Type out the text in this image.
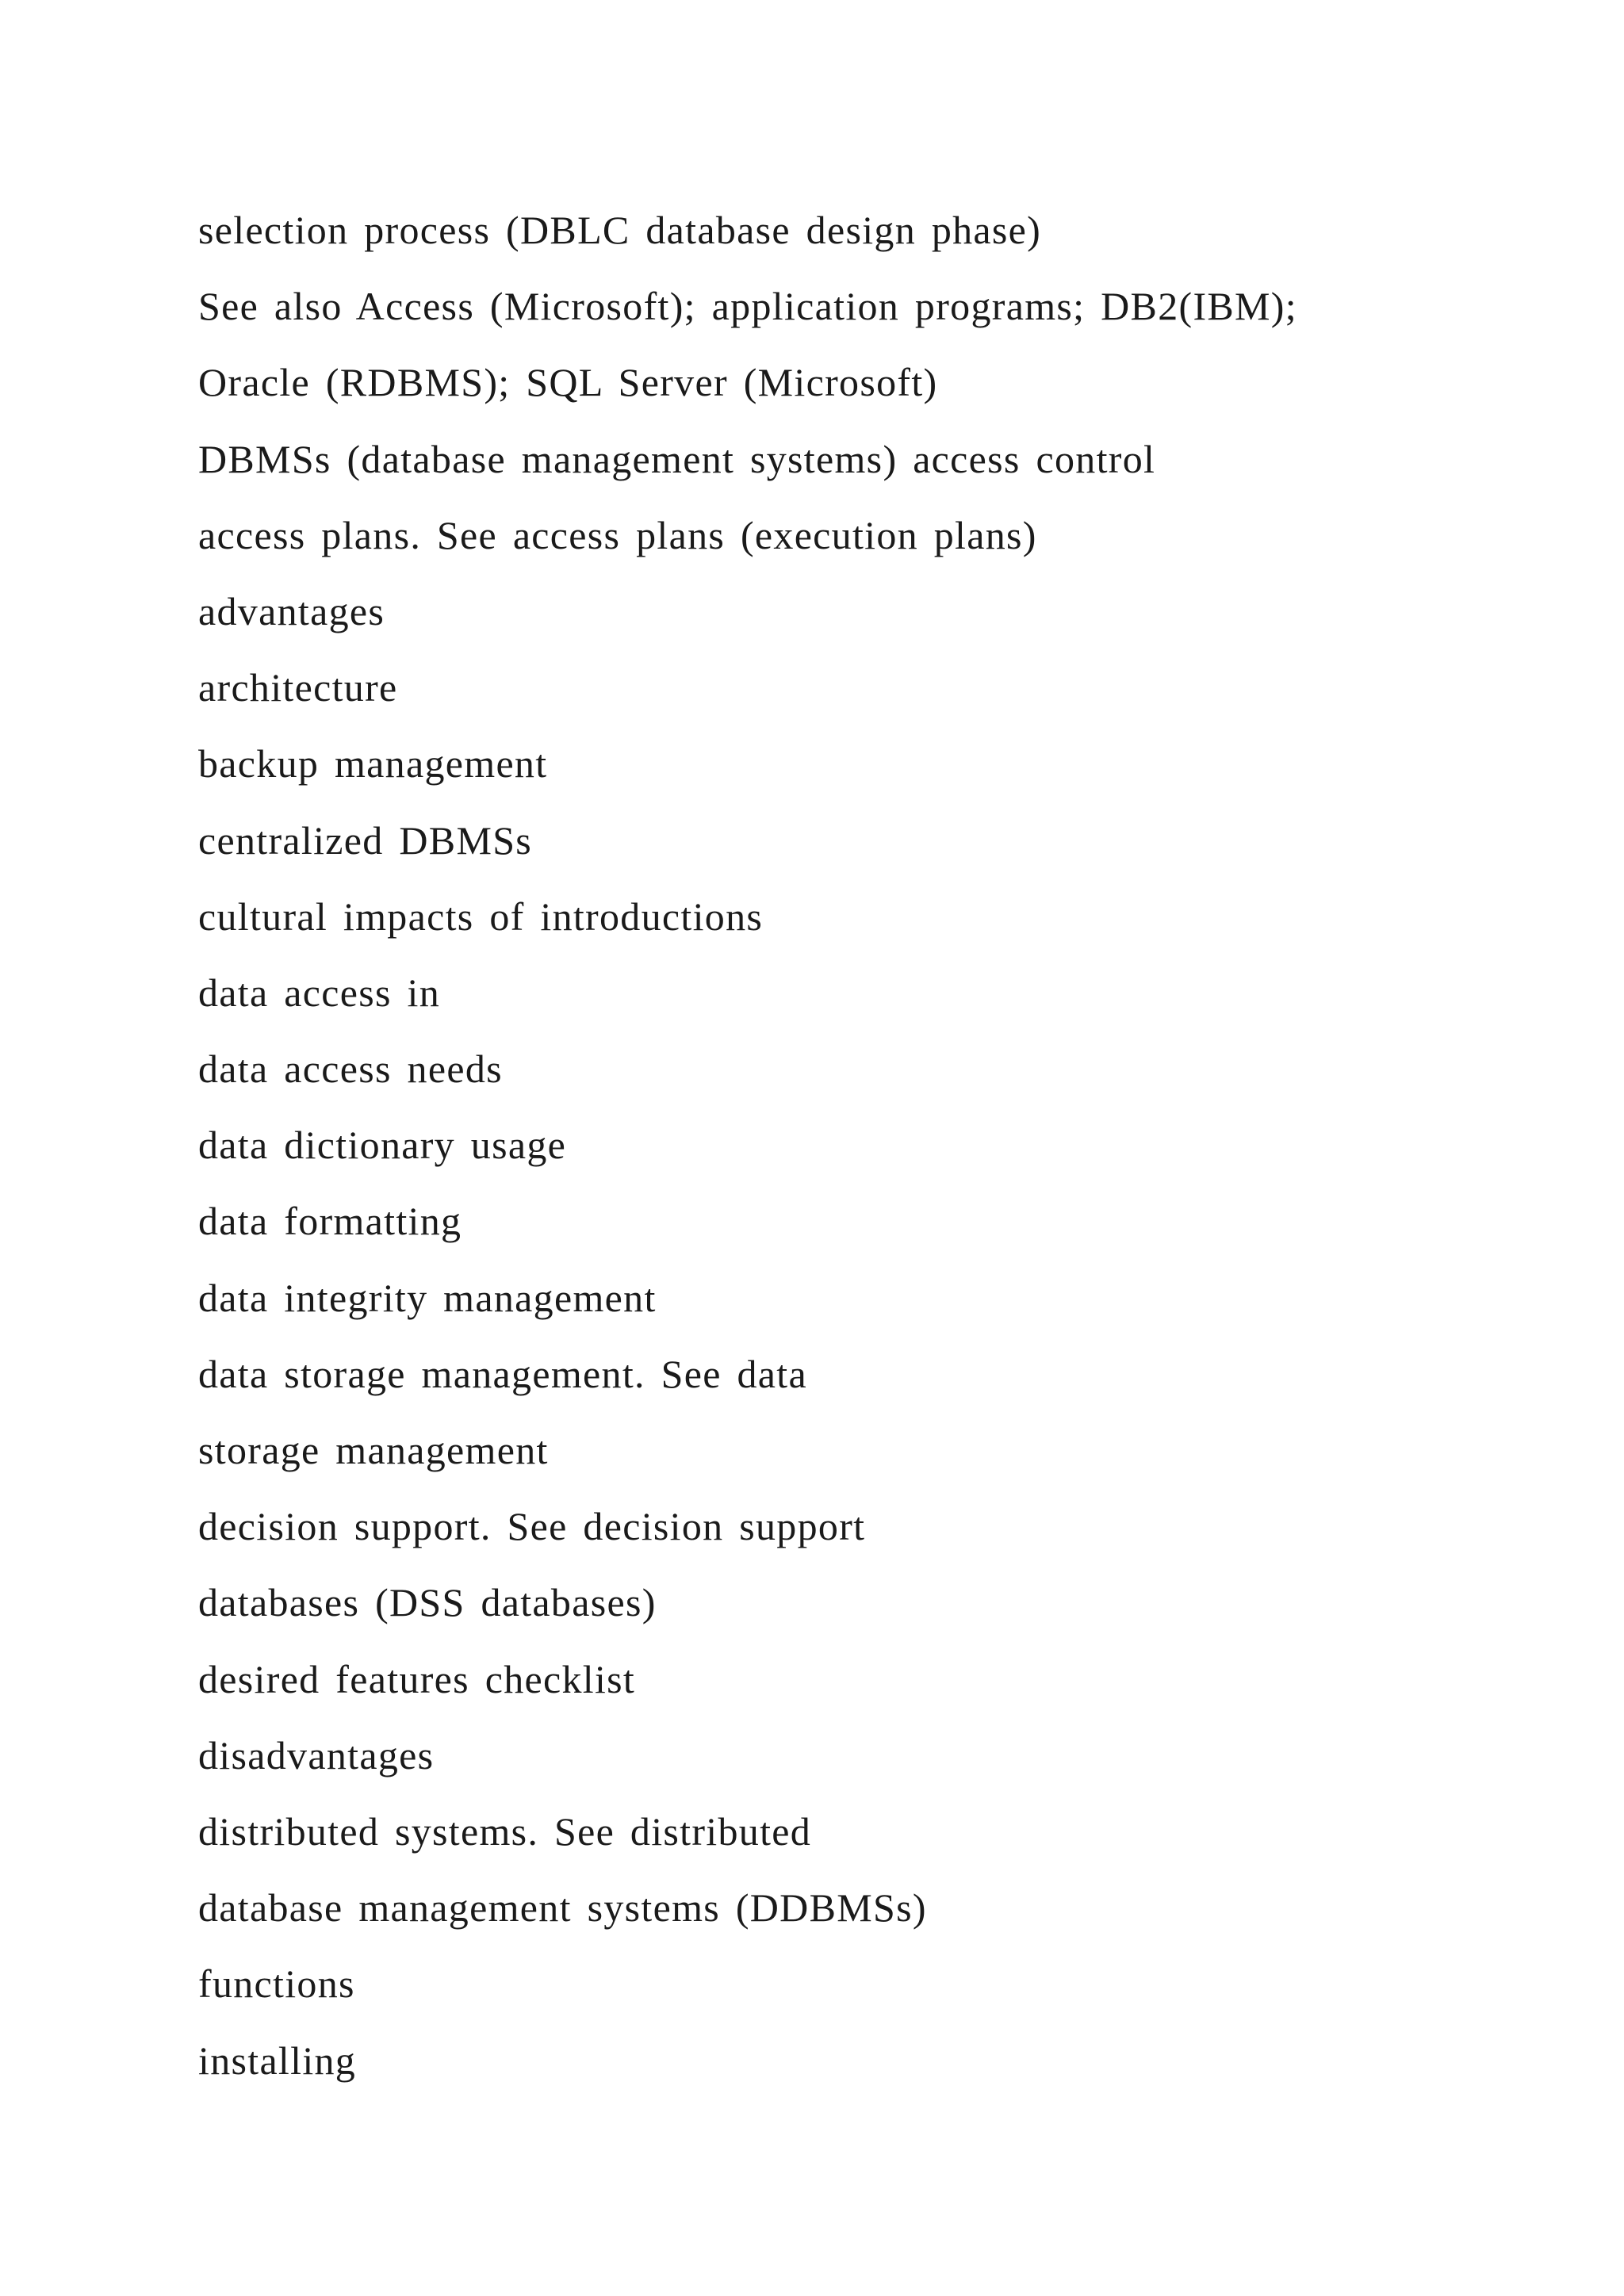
selection process (DBLC database design phase)
See also Access (Microsoft); application programs; DB2(IBM);
Oracle (RDBMS); SQL Server (Microsoft)
DBMSs (database management systems) access control
access plans. See access plans (execution plans)
advantages
architecture
backup management
centralized DBMSs
cultural impacts of introductions
data access in
data access needs
data dictionary usage
data formatting
data integrity management
data storage management. See data
storage management
decision support. See decision support
databases (DSS databases)
desired features checklist
disadvantages
distributed systems. See distributed
database management systems (DDBMSs)
functions
installing
